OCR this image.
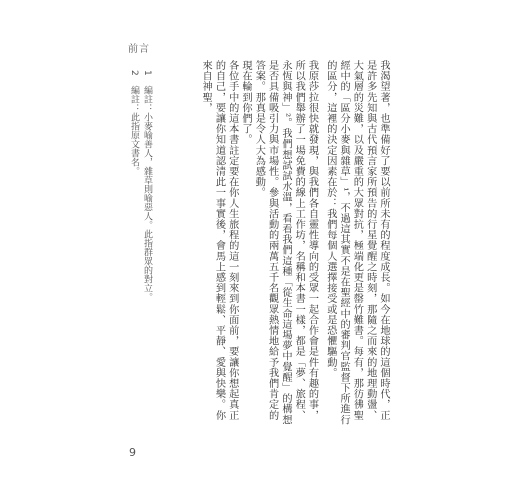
前言

我渴望著，也準備好了要以前所未有的程度成長。如今在地球的這個時代，正是許多先知與古代預言家所預告的行星覺醒之時刻，那隨之而來的地理動盪、大氣層的災難，以及嚴重的大眾對抗，極端化更是罄竹難書。每有，那彷彿聖經中的「區分小麥與雜草」¹，不過這其實不是在聖經中的審判官監督下所進行的區分，這裡的決定因素在於：我們每個人選擇接受或是恐懼驅動。

我原莎拉很快就發現，與我們各自靈性導向的受眾一起合作會是件有趣的事，所以我們舉辦了一場免費的線上工作坊，名稱和本書一樣，都是「夢、旅程、永恆與神」²。我們想試試水溫，看看我們這種「從生命這場夢中覺醒」的構想是否具備吸引力與市場性。參與活動的兩萬五千名觀眾熱情地給予我們肯定的答案。那真是令人大為感動。

現在輪到你們了。

各位手中的這本書註定要在你人生旅程的這一刻來到你面前，要讓你想起真正的自己，要讓你知道認清此一事實後，會馬上感到輕鬆、平靜、愛與快樂。你來自神聖，

1 編註：小麥喻善人，雜草則喻惡人。此指群眾的對立。
2 編註：此指原文書名。
9
